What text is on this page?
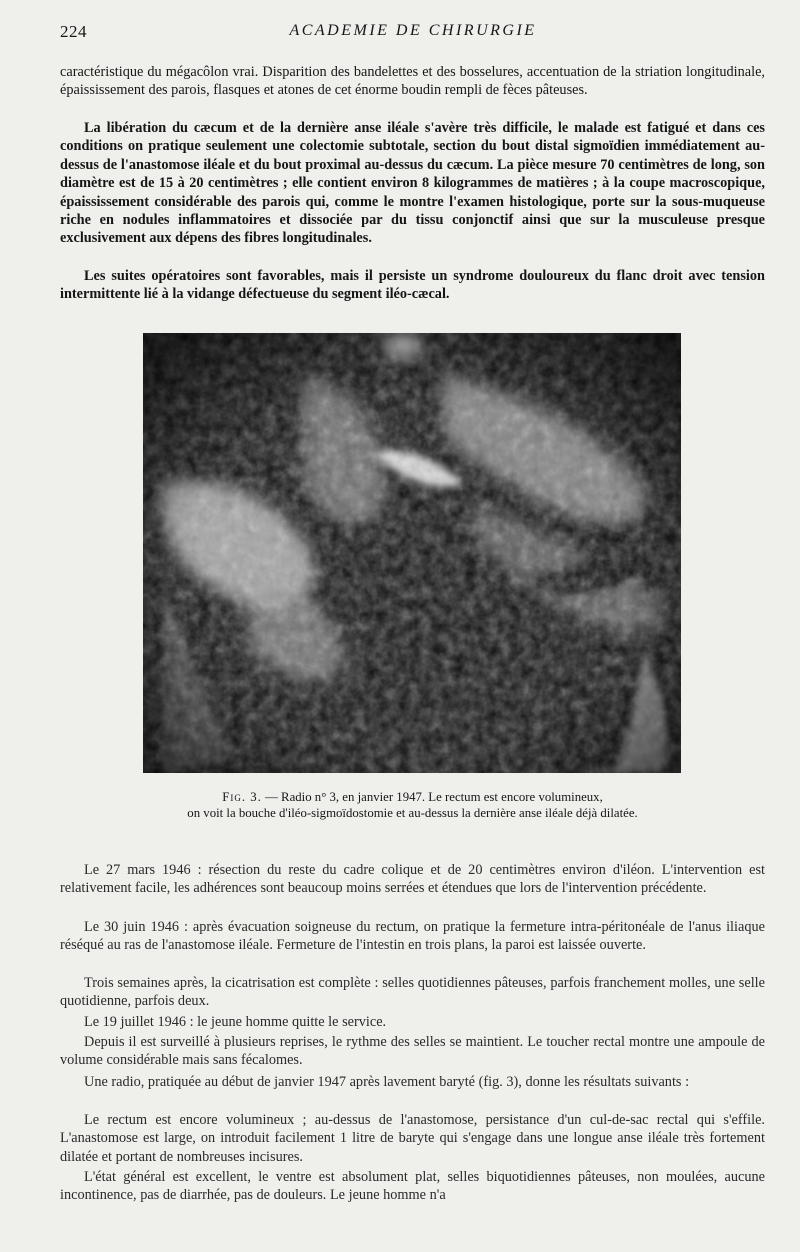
224	ACADEMIE DE CHIRURGIE

caractéristique du mégacôlon vrai. Disparition des bandelettes et des bosselures, accentuation de la striation longitudinale, épaississement des parois, flasques et atones de cet énorme boudin rempli de fèces pâteuses.

La libération du cæcum et de la dernière anse iléale s'avère très difficile, le malade est fatigué et dans ces conditions on pratique seulement une colectomie subtotale, section du bout distal sigmoïdien immédiatement au-dessus de l'anastomose iléale et du bout proximal au-dessus du cæcum. La pièce mesure 70 centimètres de long, son diamètre est de 15 à 20 centimètres ; elle contient environ 8 kilogrammes de matières ; à la coupe macroscopique, épaississement considérable des parois qui, comme le montre l'examen histologique, porte sur la sous-muqueuse riche en nodules inflammatoires et dissociée par du tissu conjonctif ainsi que sur la musculeuse presque exclusivement aux dépens des fibres longitudinales.

Les suites opératoires sont favorables, mais il persiste un syndrome douloureux du flanc droit avec tension intermittente lié à la vidange défectueuse du segment iléo-cæcal.

Fig. 3. — Radio n° 3, en janvier 1947. Le rectum est encore volumineux,
on voit la bouche d'iléo-sigmoïdostomie et au-dessus la dernière anse iléale déjà dilatée.

Le 27 mars 1946 : résection du reste du cadre colique et de 20 centimètres environ d'iléon. L'intervention est relativement facile, les adhérences sont beaucoup moins serrées et étendues que lors de l'intervention précédente.

Le 30 juin 1946 : après évacuation soigneuse du rectum, on pratique la fermeture intra-péritonéale de l'anus iliaque réséqué au ras de l'anastomose iléale. Fermeture de l'intestin en trois plans, la paroi est laissée ouverte.

Trois semaines après, la cicatrisation est complète : selles quotidiennes pâteuses, parfois franchement molles, une selle quotidienne, parfois deux.

Le 19 juillet 1946 : le jeune homme quitte le service.

Depuis il est surveillé à plusieurs reprises, le rythme des selles se maintient. Le toucher rectal montre une ampoule de volume considérable mais sans fécalomes.

Une radio, pratiquée au début de janvier 1947 après lavement baryté (fig. 3), donne les résultats suivants :

Le rectum est encore volumineux ; au-dessus de l'anastomose, persistance d'un cul-de-sac rectal qui s'effile. L'anastomose est large, on introduit facilement 1 litre de baryte qui s'engage dans une longue anse iléale très fortement dilatée et portant de nombreuses incisures.

L'état général est excellent, le ventre est absolument plat, selles biquotidiennes pâteuses, non moulées, aucune incontinence, pas de diarrhée, pas de douleurs. Le jeune homme n'a
